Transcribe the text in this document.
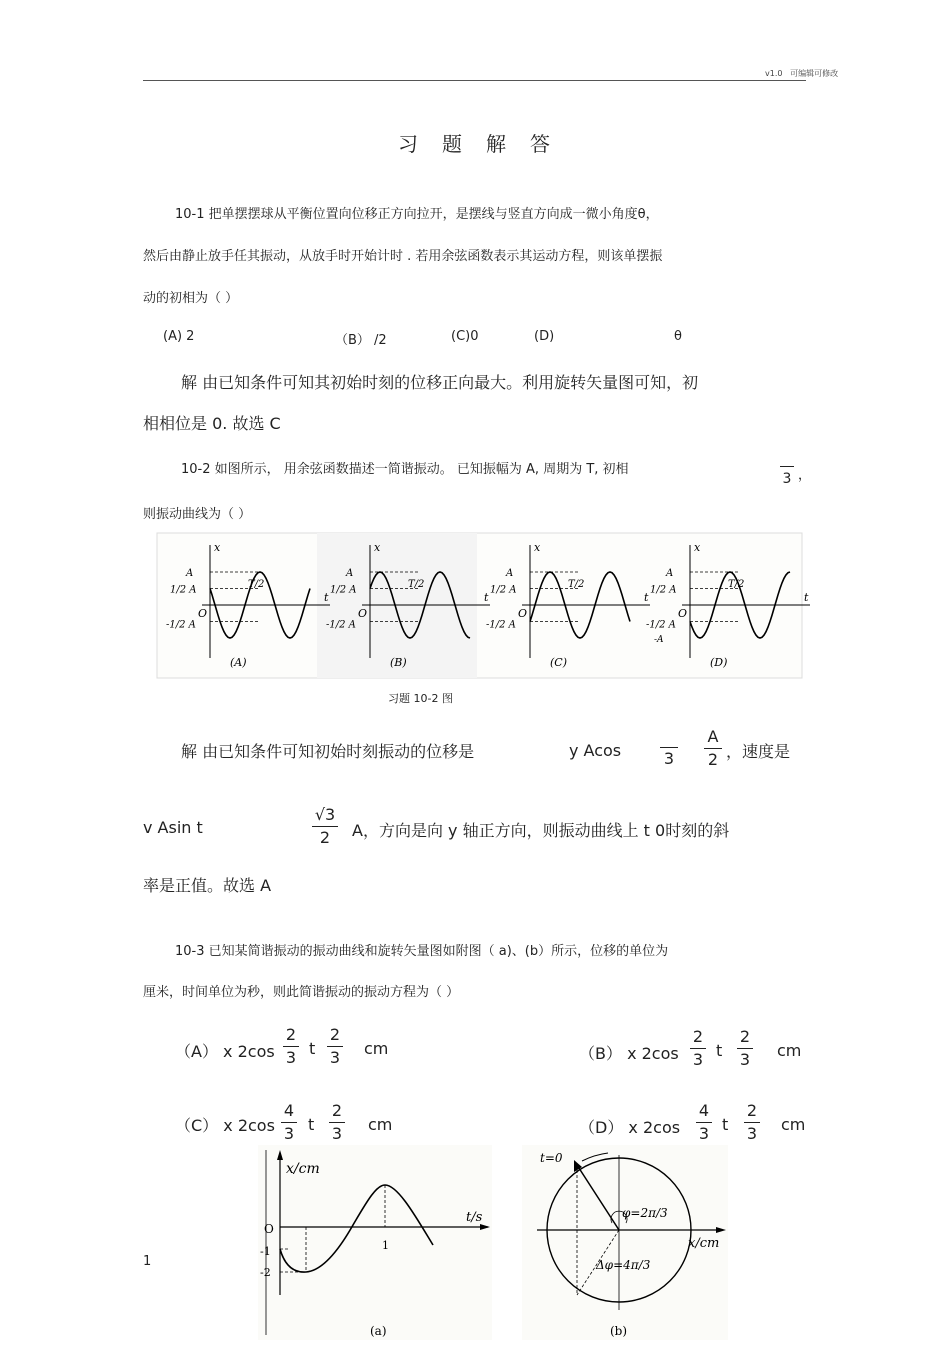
v1.0 可编辑可修改
习题解答
10-1 把单摆摆球从平衡位置向位移正方向拉开，是摆线与竖直方向成一微小角度θ，
然后由静止放手任其振动，从放手时开始计时 . 若用余弦函数表示其运动方程，则该单摆振
动的初相为（ ）
(A) 2	（B） /2	(C)0	(D)	θ
解 由已知条件可知其初始时刻的位移正向最大。利用旋转矢量图可知，初
相相位是 0. 故选 C
10-2 如图所示， 用余弦函数描述一简谐振动。 已知振幅为 A, 周期为 T, 初相
3 ，
则振动曲线为（ ）
x
t
A
1/2 A
O
-1/2 A
T/2
(A)
x
t
A
1/2 A
O
-1/2 A
T/2
(B)
x
t
A
1/2 A
O
-1/2 A
T/2
(C)
x
t
A
1/2 A
O
-1/2 A
T/2
-A
(D)
习题 10-2 图
解 由已知条件可知初始时刻振动的位移是	y Acos	3
A
2 ，速度是
v Asin t
√3
2	A，方向是向 y 轴正方向，则振动曲线上 t 0时刻的斜
率是正值。故选 A
10-3 已知某简谐振动的振动曲线和旋转矢量图如附图（ a)、(b）所示，位移的单位为
厘米，时间单位为秒，则此简谐振动的振动方程为（ ）
（A） x 2cos
2
3 t
2
3 cm	（B） x 2cos
2
3 t
2
3 cm
（C） x 2cos
4
3 t
2
3 cm	（D） x 2cos
4
3 t
2
3 cm
x/cm
t/s
O
-1
-2
1
(a)
t=0
φ=2π/3
Δφ=4π/3
x/cm
(b)
1
